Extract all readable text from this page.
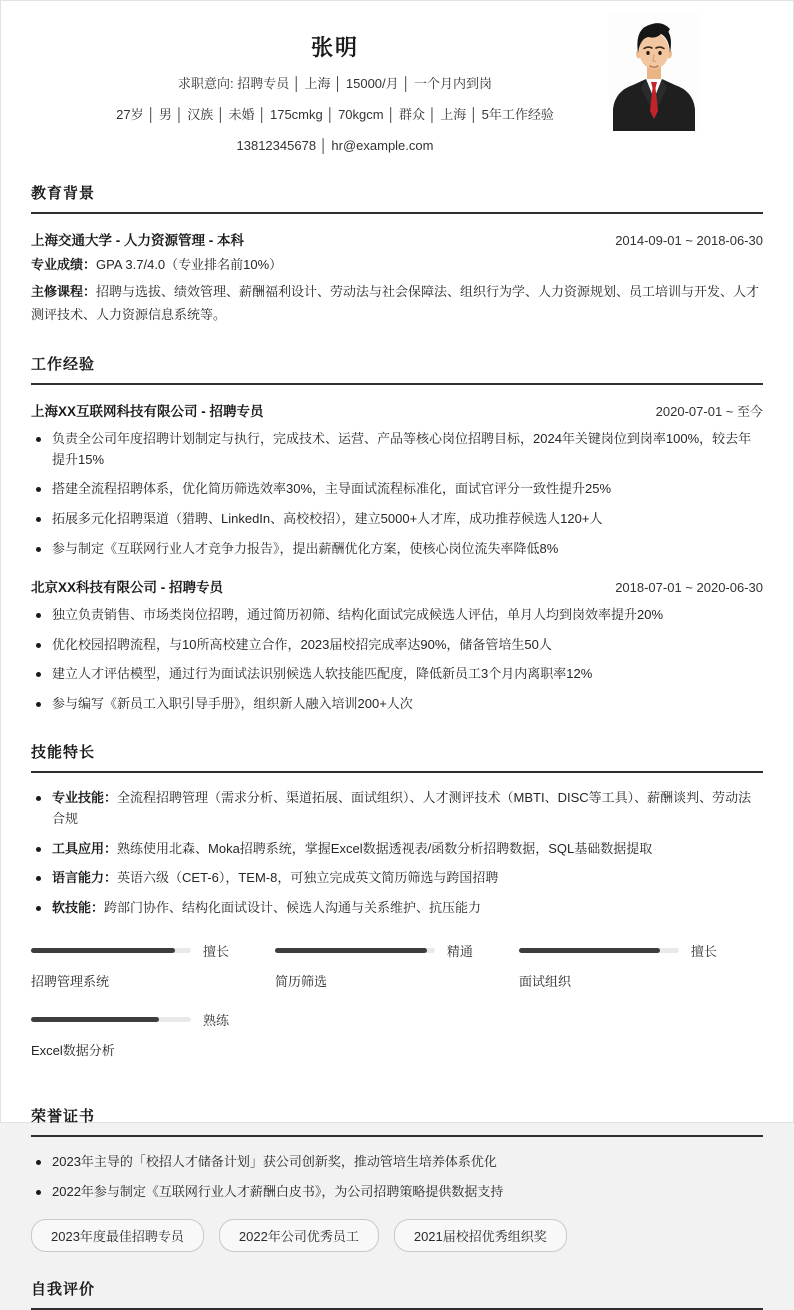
张明
求职意向: 招聘专员 │ 上海 │ 15000/月 │ 一个月内到岗
27岁 │ 男 │ 汉族 │ 未婚 │ 175cmkg │ 70kgcm │ 群众 │ 上海 │ 5年工作经验
13812345678 │ hr@example.com
教育背景
上海交通大学 - 人力资源管理 - 本科	2014-09-01 ~ 2018-06-30

专业成绩：GPA 3.7/4.0（专业排名前10%）

主修课程：招聘与选拔、绩效管理、薪酬福利设计、劳动法与社会保障法、组织行为学、人力资源规划、员工培训与开发、人才测评技术、人力资源信息系统等。

工作经验
上海XX互联网科技有限公司 - 招聘专员	2020-07-01 ~ 至今
负责全公司年度招聘计划制定与执行，完成技术、运营、产品等核心岗位招聘目标，2024年关键岗位到岗率100%，较去年提升15%
搭建全流程招聘体系，优化简历筛选效率30%，主导面试流程标准化，面试官评分一致性提升25%
拓展多元化招聘渠道（猎聘、LinkedIn、高校校招），建立5000+人才库，成功推荐候选人120+人
参与制定《互联网行业人才竞争力报告》，提出薪酬优化方案，使核心岗位流失率降低8%
北京XX科技有限公司 - 招聘专员	2018-07-01 ~ 2020-06-30
独立负责销售、市场类岗位招聘，通过简历初筛、结构化面试完成候选人评估，单月人均到岗效率提升20%
优化校园招聘流程，与10所高校建立合作，2023届校招完成率达90%，储备管培生50人
建立人才评估模型，通过行为面试法识别候选人软技能匹配度，降低新员工3个月内离职率12%
参与编写《新员工入职引导手册》，组织新人融入培训200+人次
技能特长
专业技能：全流程招聘管理（需求分析、渠道拓展、面试组织）、人才测评技术（MBTI、DISC等工具）、薪酬谈判、劳动法合规
工具应用：熟练使用北森、Moka招聘系统，掌握Excel数据透视表/函数分析招聘数据，SQL基础数据提取
语言能力：英语六级（CET-6），TEM-8，可独立完成英文简历筛选与跨国招聘
软技能：跨部门协作、结构化面试设计、候选人沟通与关系维护、抗压能力
擅长
招聘管理系统
精通
简历筛选
擅长
面试组织
熟练
Excel数据分析
荣誉证书
2023年主导的「校招人才储备计划」获公司创新奖，推动管培生培养体系优化
2022年参与制定《互联网行业人才薪酬白皮书》，为公司招聘策略提供数据支持
2023年度最佳招聘专员	2022年公司优秀员工	2021届校招优秀组织奖
自我评价
